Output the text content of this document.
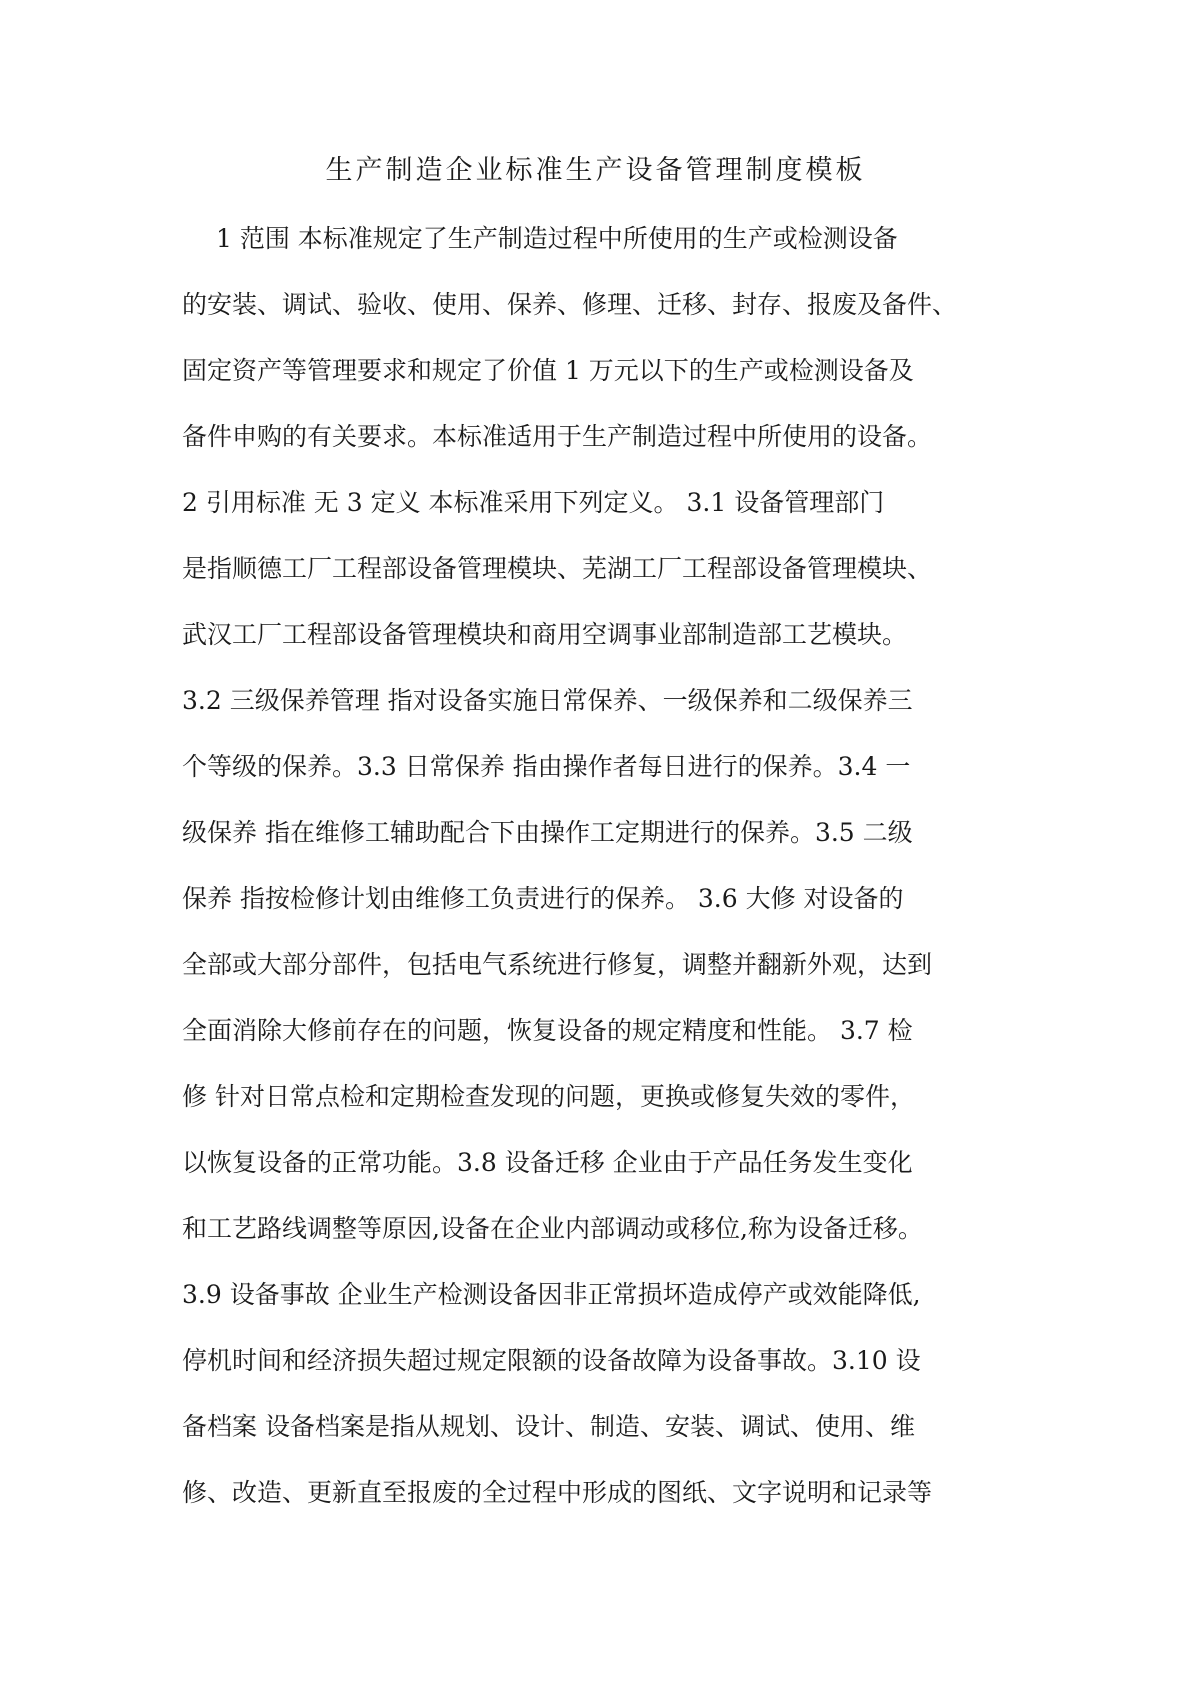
生产制造企业标准生产设备管理制度模板
1 范围 本标准规定了生产制造过程中所使用的生产或检测设备
的安装、调试、验收、使用、保养、修理、迁移、封存、报废及备件、
固定资产等管理要求和规定了价值 1 万元以下的生产或检测设备及
备件申购的有关要求。本标准适用于生产制造过程中所使用的设备。
2 引用标准 无 3 定义 本标准采用下列定义。 3.1 设备管理部门
是指顺德工厂工程部设备管理模块、芜湖工厂工程部设备管理模块、
武汉工厂工程部设备管理模块和商用空调事业部制造部工艺模块。
3.2 三级保养管理 指对设备实施日常保养、一级保养和二级保养三
个等级的保养。3.3 日常保养 指由操作者每日进行的保养。3.4 一
级保养 指在维修工辅助配合下由操作工定期进行的保养。3.5 二级
保养 指按检修计划由维修工负责进行的保养。 3.6 大修 对设备的
全部或大部分部件，包括电气系统进行修复，调整并翻新外观，达到
全面消除大修前存在的问题，恢复设备的规定精度和性能。 3.7 检
修 针对日常点检和定期检查发现的问题，更换或修复失效的零件，
以恢复设备的正常功能。3.8 设备迁移 企业由于产品任务发生变化
和工艺路线调整等原因,设备在企业内部调动或移位,称为设备迁移。
3.9 设备事故 企业生产检测设备因非正常损坏造成停产或效能降低,
停机时间和经济损失超过规定限额的设备故障为设备事故。3.10 设
备档案 设备档案是指从规划、设计、制造、安装、调试、使用、维
修、改造、更新直至报废的全过程中形成的图纸、文字说明和记录等
